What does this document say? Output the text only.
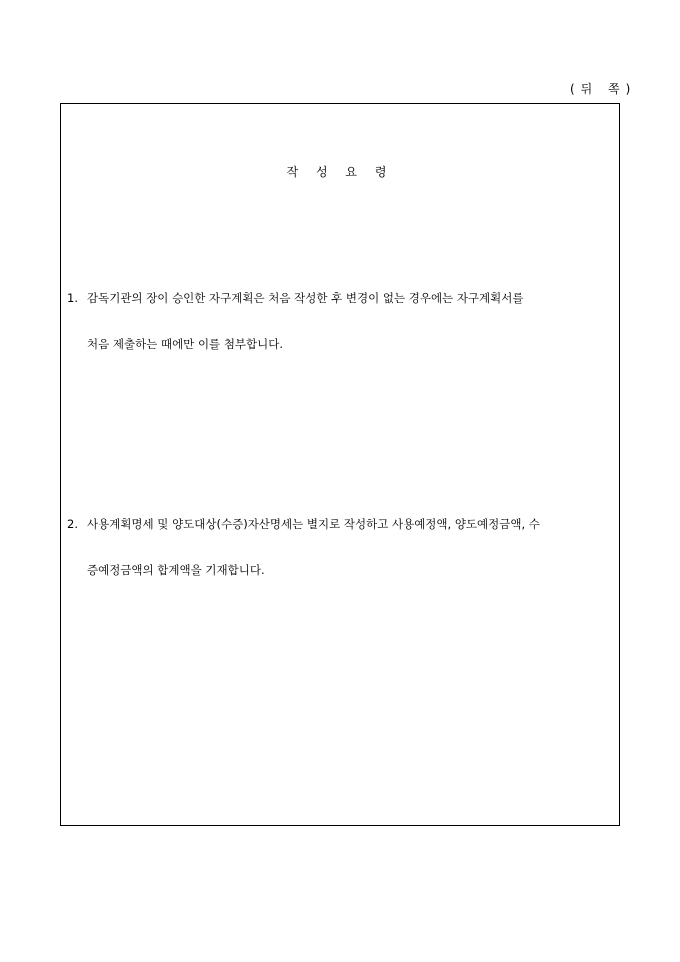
(뒤 쪽)
작 성 요 령
1. 감독기관의 장이 승인한 자구계획은 처음 작성한 후 변경이 없는 경우에는 자구계획서를
처음 제출하는 때에만 이를 첨부합니다.
2. 사용계획명세 및 양도대상(수증)자산명세는 별지로 작성하고 사용예정액, 양도예정금액, 수
증예정금액의 합계액을 기재합니다.
